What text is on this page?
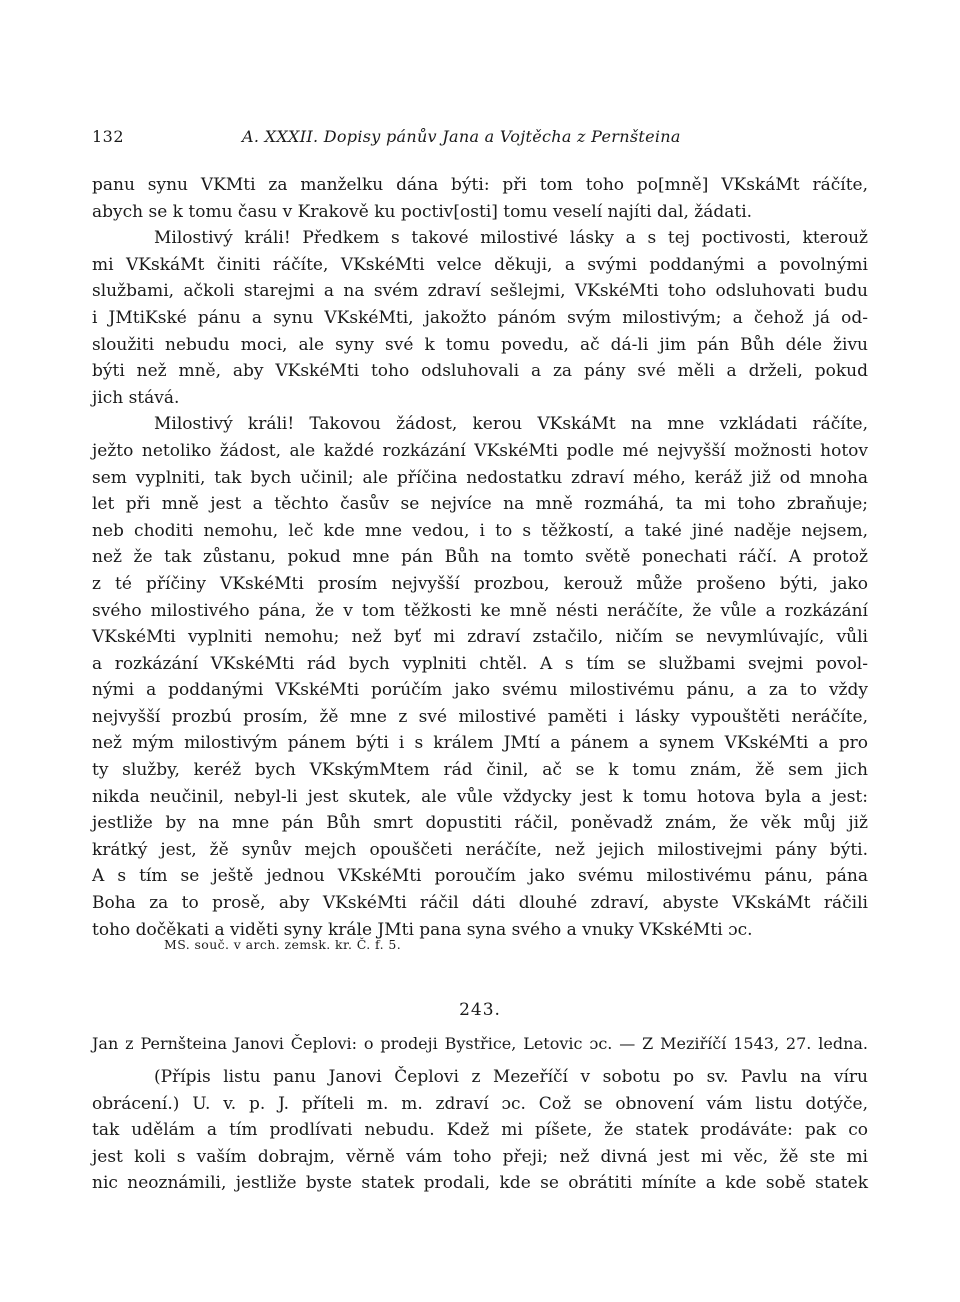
132	A. XXXII. Dopisy pánův Jana a Vojtěcha z Pernšteina
panu synu VKMti za manželku dána býti: při tom toho po[mně] VKskáMt ráčíte,
abych se k tomu času v Krakově ku poctiv[osti] tomu veselí najíti dal, žádati.
Milostivý králi! Předkem s takové milostivé lásky a s tej poctivosti, kterouž
mi VKskáMt činiti ráčíte, VKskéMti velce děkuji, a svými poddanými a povolnými
službami, ačkoli starejmi a na svém zdraví sešlejmi, VKskéMti toho odsluhovati budu
i JMtiKské pánu a synu VKskéMti, jakožto pánóm svým milostivým; a čehož já od-
sloužiti nebudu moci, ale syny své k tomu povedu, ač dá-li jim pán Bůh déle živu
býti než mně, aby VKskéMti toho odsluhovali a za pány své měli a drželi, pokud
jich stává.
Milostivý králi! Takovou žádost, kerou VKskáMt na mne vzkládati ráčíte,
ježto netoliko žádost, ale každé rozkázání VKskéMti podle mé nejvyšší možnosti hotov
sem vyplniti, tak bych učinil; ale příčina nedostatku zdraví mého, keráž již od mnoha
let při mně jest a těchto časův se nejvíce na mně rozmáhá, ta mi toho zbraňuje;
neb choditi nemohu, leč kde mne vedou, i to s těžkostí, a také jiné naděje nejsem,
než že tak zůstanu, pokud mne pán Bůh na tomto světě ponechati ráčí. A protož
z té příčiny VKskéMti prosím nejvyšší prozbou, kerouž může prošeno býti, jako
svého milostivého pána, že v tom těžkosti ke mně nésti neráčíte, že vůle a rozkázání
VKskéMti vyplniti nemohu; než byť mi zdraví zstačilo, ničím se nevymlúvajíc, vůli
a rozkázání VKskéMti rád bych vyplniti chtěl. A s tím se službami svejmi povol-
nými a poddanými VKskéMti porúčím jako svému milostivému pánu, a za to vždy
nejvyšší prozbú prosím, žě mne z své milostivé paměti i lásky vypouštěti neráčíte,
než mým milostivým pánem býti i s králem JMtí a pánem a synem VKskéMti a pro
ty služby, keréž bych VKskýmMtem rád činil, ač se k tomu znám, žě sem jich
nikda neučinil, nebyl-li jest skutek, ale vůle vždycky jest k tomu hotova byla a jest:
jestliže by na mne pán Bůh smrt dopustiti ráčil, poněvadž znám, že věk můj již
krátký jest, žě synův mejch opouščeti neráčíte, než jejich milostivejmi pány býti.
A s tím se ještě jednou VKskéMti poroučím jako svému milostivému pánu, pána
Boha za to prosě, aby VKskéMti ráčil dáti dlouhé zdraví, abyste VKskáMt ráčili
toho dočěkati a viděti syny krále JMti pana syna svého a vnuky VKskéMti ɔc.
MS. souč. v arch. zemsk. kr. Č. f. 5.
243.
Jan z Pernšteina Janovi Čeplovi: o prodeji Bystřice, Letovic ɔc. — Z Meziříčí 1543, 27. ledna.
(Přípis listu panu Janovi Čeplovi z Mezeříčí v sobotu po sv. Pavlu na víru
obrácení.) U. v. p. J. příteli m. m. zdraví ɔc. Což se obnovení vám listu dotýče,
tak udělám a tím prodlívati nebudu. Kdež mi píšete, že statek prodáváte: pak co
jest koli s vaším dobrajm, věrně vám toho přeji; než divná jest mi věc, žě ste mi
nic neoznámili, jestliže byste statek prodali, kde se obrátiti míníte a kde sobě statek
